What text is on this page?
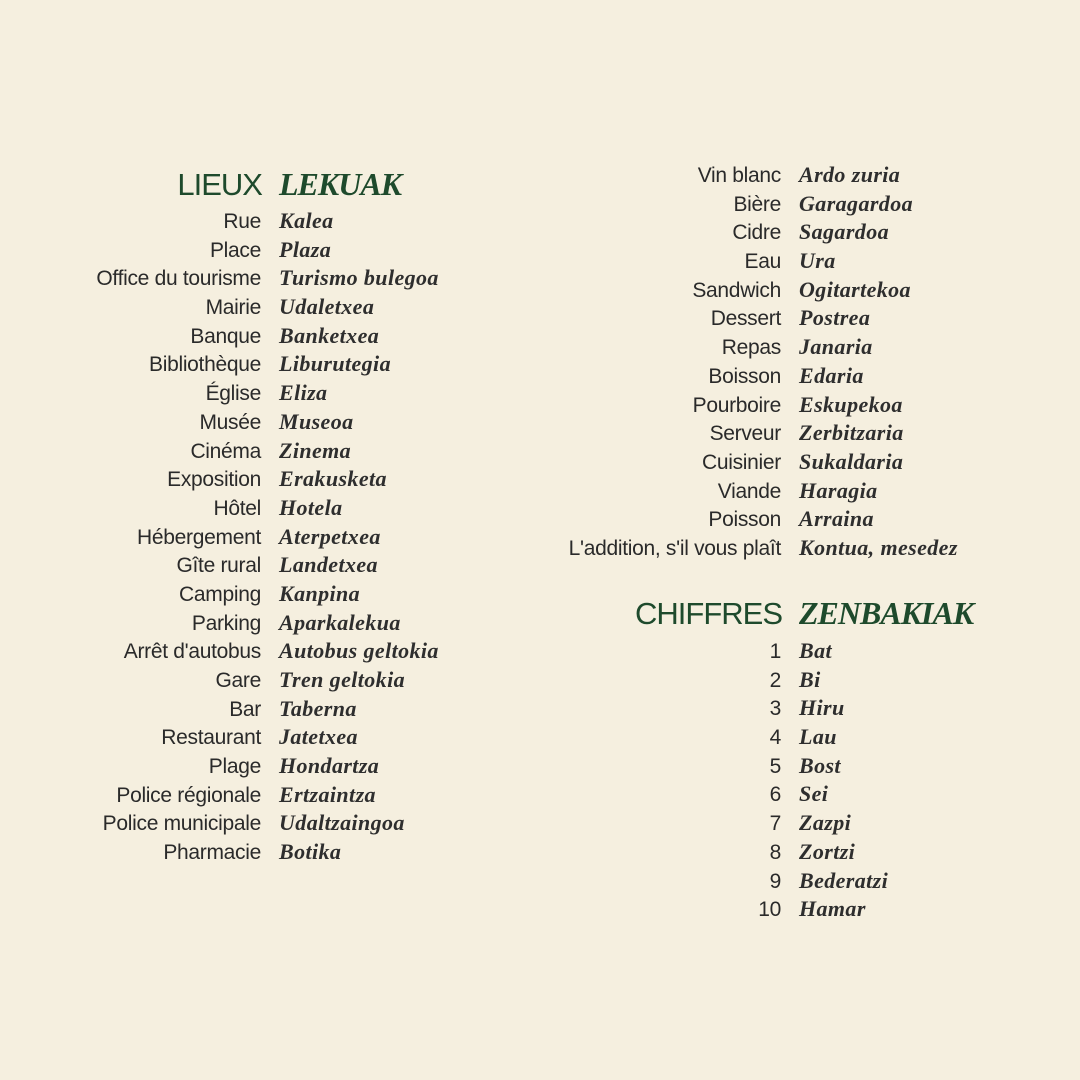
LIEUX LEKUAK
Rue Kalea
Place Plaza
Office du tourisme Turismo bulegoa
Mairie Udaletxea
Banque Banketxea
Bibliothèque Liburutegia
Église Eliza
Musée Museoa
Cinéma Zinema
Exposition Erakusketa
Hôtel Hotela
Hébergement Aterpetxea
Gîte rural Landetxea
Camping Kanpina
Parking Aparkalekua
Arrêt d'autobus Autobus geltokia
Gare Tren geltokia
Bar Taberna
Restaurant Jatetxea
Plage Hondartza
Police régionale Ertzaintza
Police municipale Udaltzaingoa
Pharmacie Botika
Vin blanc Ardo zuria
Bière Garagardoa
Cidre Sagardoa
Eau Ura
Sandwich Ogitartekoa
Dessert Postrea
Repas Janaria
Boisson Edaria
Pourboire Eskupekoa
Serveur Zerbitzaria
Cuisinier Sukaldaria
Viande Haragia
Poisson Arraina
L'addition, s'il vous plaît Kontua, mesedez
CHIFFRES ZENBAKIAK
1 Bat
2 Bi
3 Hiru
4 Lau
5 Bost
6 Sei
7 Zazpi
8 Zortzi
9 Bederatzi
10 Hamar
